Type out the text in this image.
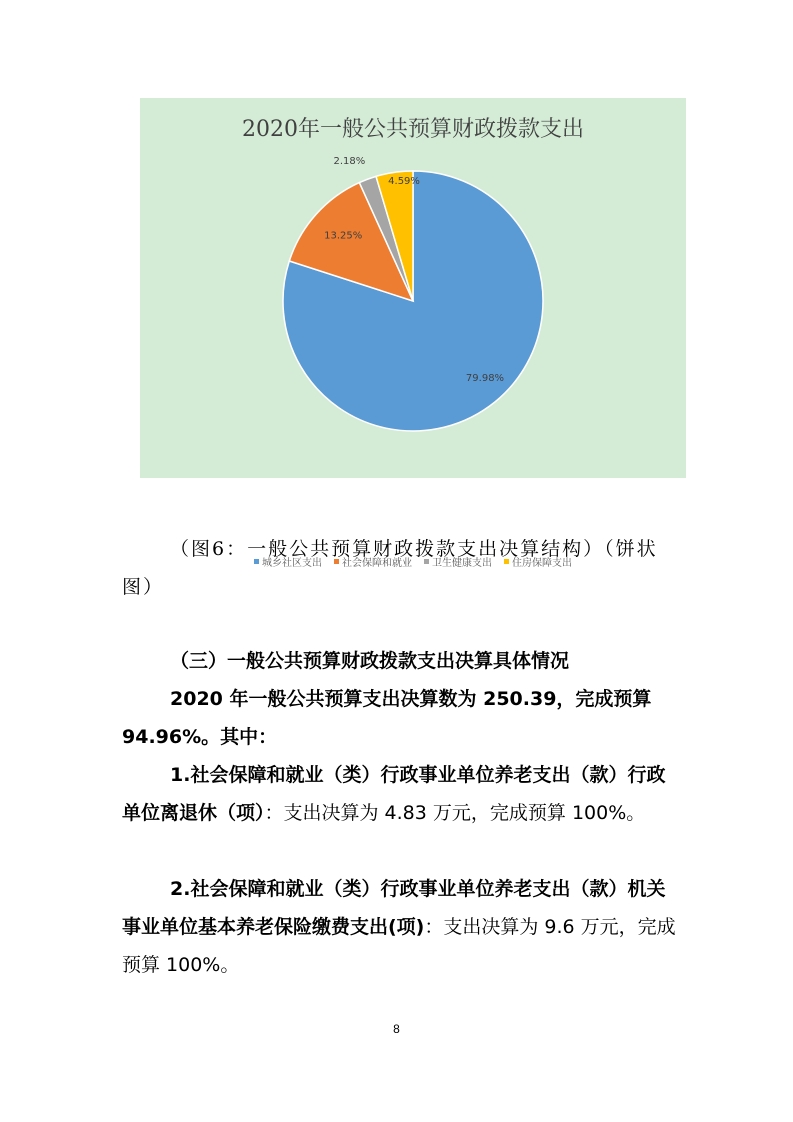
2020年一般公共预算财政拨款支出
79.98%
13.25%
2.18%
4.59%
城乡社区支出 社会保障和就业 卫生健康支出 住房保障支出
（图6：一般公共预算财政拨款支出决算结构）（饼状图）
（三）一般公共预算财政拨款支出决算具体情况
2020 年一般公共预算支出决算数为 250.39，完成预算 94.96%。其中：
1.社会保障和就业（类）行政事业单位养老支出（款）行政单位离退休（项）：支出决算为 4.83 万元，完成预算 100%。
2.社会保障和就业（类）行政事业单位养老支出（款）机关事业单位基本养老保险缴费支出(项)：支出决算为 9.6 万元，完成预算 100%。
8
